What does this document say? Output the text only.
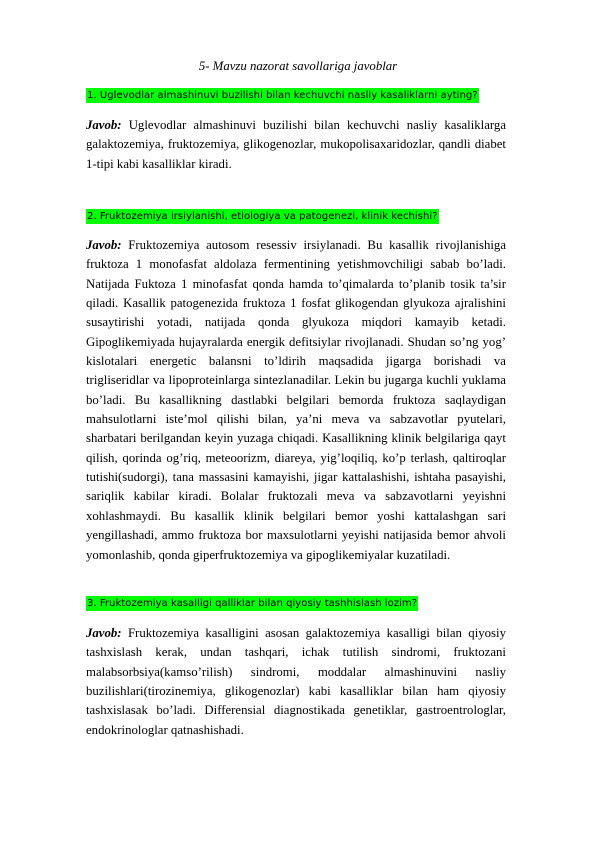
5- Mavzu nazorat savollariga javoblar
1. Uglevodlar almashinuvi buzilishi bilan kechuvchi nasliy kasaliklarni ayting?
Javob: Uglevodlar almashinuvi buzilishi bilan kechuvchi nasliy kasaliklarga galaktozemiya, fruktozemiya, glikogenozlar, mukopolisaxaridozlar, qandli diabet 1-tipi kabi kasalliklar kiradi.
2. Fruktozemiya irsiylanishi, etiologiya va patogenezi, klinik kechishi?
Javob: Fruktozemiya autosom resessiv irsiylanadi. Bu kasallik rivojlanishiga fruktoza 1 monofasfat aldolaza fermentining yetishmovchiligi sabab bo’ladi. Natijada Fuktoza 1 minofasfat qonda hamda to’qimalarda to’planib tosik ta’sir qiladi. Kasallik patogenezida fruktoza 1 fosfat glikogendan glyukoza ajralishini susaytirishi yotadi, natijada qonda glyukoza miqdori kamayib ketadi. Gipoglikemiyada hujayralarda energik defitsiylar rivojlanadi. Shudan so’ng yog’ kislotalari energetic balansni to’ldirih maqsadida jigarga borishadi va trigliseridlar va lipoproteinlarga sintezlanadilar. Lekin bu jugarga kuchli yuklama bo’ladi. Bu kasallikning dastlabki belgilari bemorda fruktoza saqlaydigan mahsulotlarni iste’mol qilishi bilan, ya’ni meva va sabzavotlar pyutelari, sharbatari berilgandan keyin yuzaga chiqadi. Kasallikning klinik belgilariga qayt qilish, qorinda og’riq, meteoorizm, diareya, yig’loqiliq, ko’p terlash, qaltiroqlar tutishi(sudorgi), tana massasini kamayishi, jigar kattalashishi, ishtaha pasayishi, sariqlik kabilar kiradi. Bolalar fruktozali meva va sabzavotlarni yeyishni xohlashmaydi. Bu kasallik klinik belgilari bemor yoshi kattalashgan sari yengillashadi, ammo fruktoza bor maxsulotlarni yeyishi natijasida bemor ahvoli yomonlashib, qonda giperfruktozemiya va gipoglikemiyalar kuzatiladi.
3. Fruktozemiya kasalligi qalliklar bilan qiyosiy tashhislash lozim?
Javob: Fruktozemiya kasalligini asosan galaktozemiya kasalligi bilan qiyosiy tashxislash kerak, undan tashqari, ichak tutilish sindromi, fruktozani malabsorbsiya(kamso’rilish) sindromi, moddalar almashinuvini nasliy buzilishlari(tirozinemiya, glikogenozlar) kabi kasalliklar bilan ham qiyosiy tashxislasak bo’ladi. Differensial diagnostikada genetiklar, gastroentrologlar, endokrinologlar qatnashishadi.
